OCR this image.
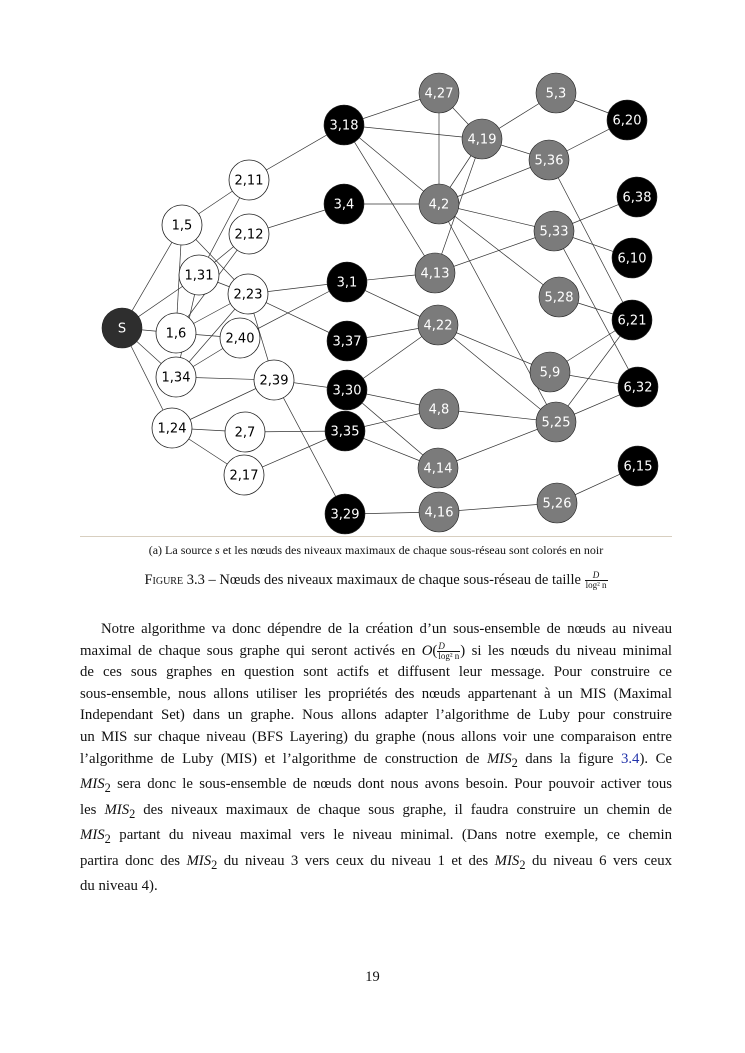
S
1,5
1,31
1,6
1,34
1,24
2,11
2,12
2,23
2,40
2,39
2,7
2,17
3,18
3,4
3,1
3,37
3,30
3,35
3,29
4,27
4,19
4,2
4,13
4,22
4,8
4,14
4,16
5,3
5,36
5,33
5,28
5,9
5,25
5,26
6,20
6,38
6,10
6,21
6,32
6,15
(a) La source s et les nœuds des niveaux maximaux de chaque sous-réseau sont colorés en noir
Figure 3.3 – Nœuds des niveaux maximaux de chaque sous-réseau de taille $\frac{D}{\text{log² n}}$
Notre algorithme va donc dépendre de la création d’un sous-ensemble de nœuds au niveau
maximal de chaque sous graphe qui seront activés en $O( \frac{D}{\text{log² n}}$ ) si les nœuds du niveau minimal
de ces sous graphes en question sont actifs et diffusent leur message. Pour construire ce
sous-ensemble, nous allons utiliser les propriétés des nœuds appartenant à un MIS (Maximal
Independant Set) dans un graphe. Nous allons adapter l’algorithme de Luby pour construire
un MIS sur chaque niveau (BFS Layering) du graphe (nous allons voir une comparaison entre
l’algorithme de Luby (MIS) et l’algorithme de construction de $MIS_2$ dans la figure 3.4). Ce
$MIS_2$ sera donc le sous-ensemble de nœuds dont nous avons besoin. Pour pouvoir activer tous
les $MIS_2$ des niveaux maximaux de chaque sous graphe, il faudra construire un chemin de
$MIS_2$ partant du niveau maximal vers le niveau minimal. (Dans notre exemple, ce chemin
partira donc des $MIS_2$ du niveau 3 vers ceux du niveau 1 et des $MIS_2$ du niveau 6 vers ceux
du niveau 4).
19
